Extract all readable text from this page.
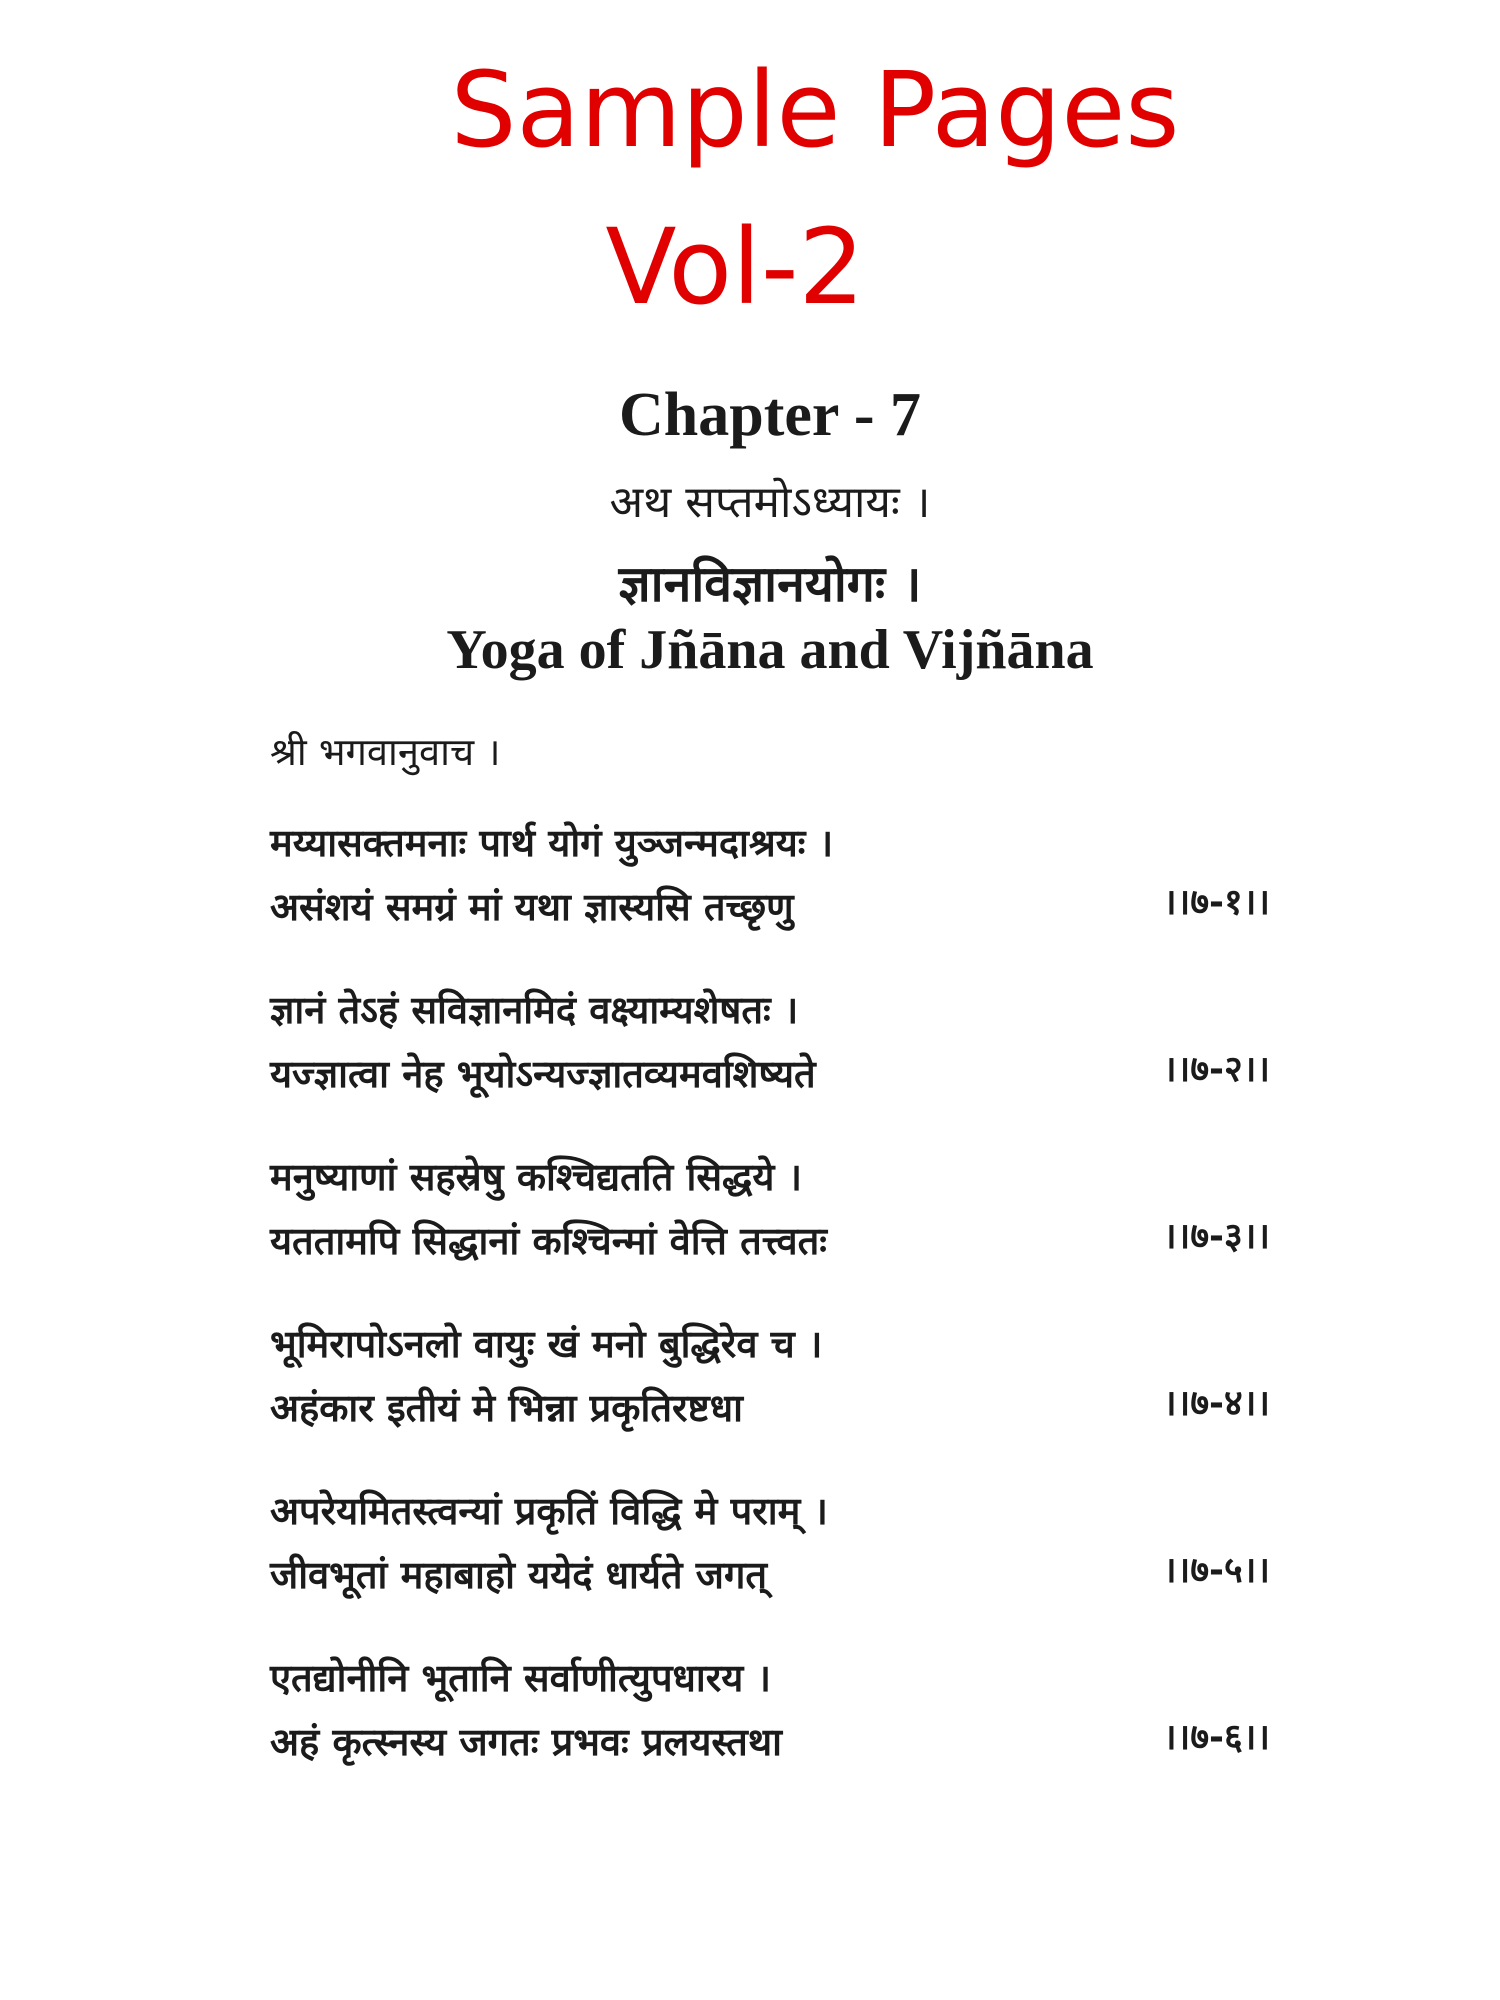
Sample Pages
Vol-2
Chapter - 7
अथ सप्तमोऽध्यायः ।
ज्ञानविज्ञानयोगः ।
Yoga of Jñāna and Vijñāna
श्री भगवानुवाच ।
मय्यासक्तमनाः पार्थ योगं युञ्जन्मदाश्रयः ।
असंशयं समग्रं मां यथा ज्ञास्यसि तच्छृणु	।।७-१।।
ज्ञानं तेऽहं सविज्ञानमिदं वक्ष्याम्यशेषतः ।
यज्ज्ञात्वा नेह भूयोऽन्यज्ज्ञातव्यमवशिष्यते	।।७-२।।
मनुष्याणां सहस्रेषु कश्चिद्यतति सिद्धये ।
यततामपि सिद्धानां कश्चिन्मां वेत्ति तत्त्वतः	।।७-३।।
भूमिरापोऽनलो वायुः खं मनो बुद्धिरेव च ।
अहंकार इतीयं मे भिन्ना प्रकृतिरष्टधा	।।७-४।।
अपरेयमितस्त्वन्यां प्रकृतिं विद्धि मे पराम् ।
जीवभूतां महाबाहो ययेदं धार्यते जगत्	।।७-५।।
एतद्योनीनि भूतानि सर्वाणीत्युपधारय ।
अहं कृत्स्नस्य जगतः प्रभवः प्रलयस्तथा	।।७-६।।
